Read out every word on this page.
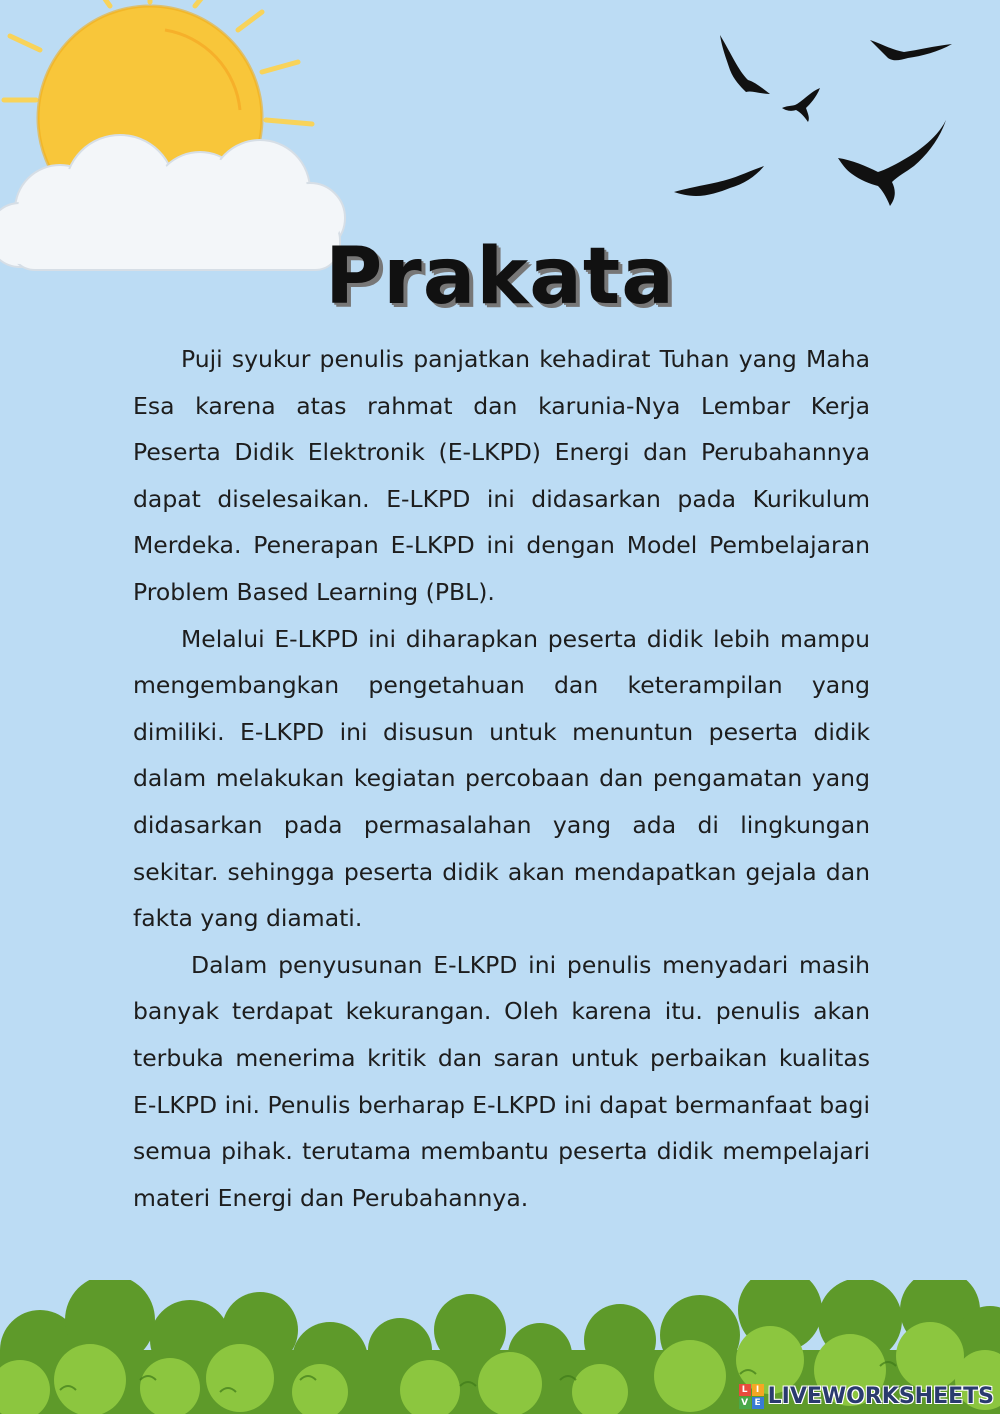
Prakata

Puji syukur penulis panjatkan kehadirat Tuhan yang Maha Esa karena atas rahmat dan karunia-Nya Lembar Kerja Peserta Didik Elektronik (E-LKPD) Energi dan Perubahannya dapat diselesaikan. E-LKPD ini didasarkan pada Kurikulum Merdeka. Penerapan E-LKPD ini dengan Model Pembelajaran Problem Based Learning (PBL).

Melalui E-LKPD ini diharapkan peserta didik lebih mampu mengembangkan pengetahuan dan keterampilan yang dimiliki. E-LKPD ini disusun untuk menuntun peserta didik dalam melakukan kegiatan percobaan dan pengamatan yang didasarkan pada permasalahan yang ada di lingkungan sekitar. sehingga peserta didik akan mendapatkan gejala dan fakta yang diamati.

Dalam penyusunan E-LKPD ini penulis menyadari masih banyak terdapat kekurangan. Oleh karena itu. penulis akan terbuka menerima kritik dan saran untuk perbaikan kualitas E-LKPD ini. Penulis berharap E-LKPD ini dapat bermanfaat bagi semua pihak. terutama membantu peserta didik mempelajari materi Energi dan Perubahannya.

L I
V E LIVEWORKSHEETS
